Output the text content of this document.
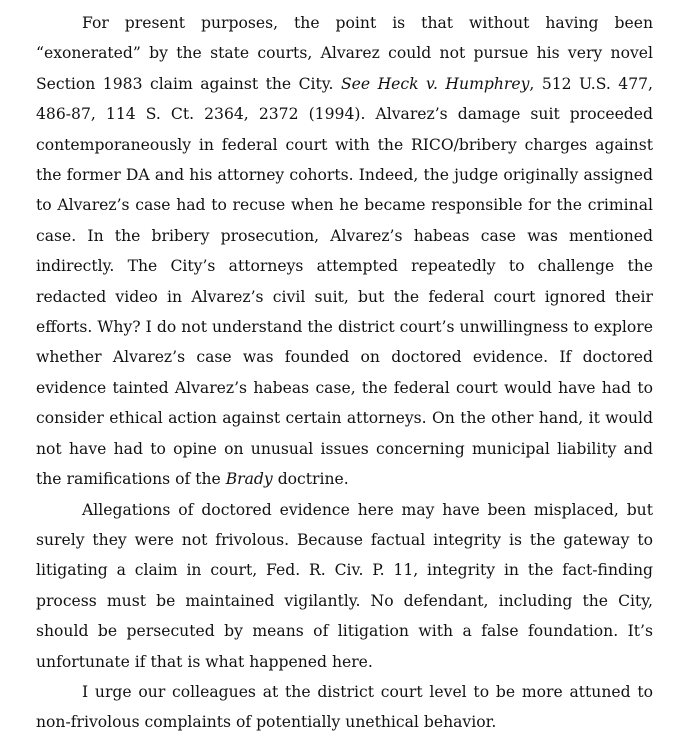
For present purposes, the point is that without having been “exonerated” by the state courts, Alvarez could not pursue his very novel Section 1983 claim against the City. See Heck v. Humphrey, 512 U.S. 477, 486-87, 114 S. Ct. 2364, 2372 (1994). Alvarez’s damage suit proceeded contemporaneously in federal court with the RICO/bribery charges against the former DA and his attorney cohorts. Indeed, the judge originally assigned to Alvarez’s case had to recuse when he became responsible for the criminal case. In the bribery prosecution, Alvarez’s habeas case was mentioned indirectly. The City’s attorneys attempted repeatedly to challenge the redacted video in Alvarez’s civil suit, but the federal court ignored their efforts. Why? I do not understand the district court’s unwillingness to explore whether Alvarez’s case was founded on doctored evidence. If doctored evidence tainted Alvarez’s habeas case, the federal court would have had to consider ethical action against certain attorneys. On the other hand, it would not have had to opine on unusual issues concerning municipal liability and the ramifications of the Brady doctrine.

Allegations of doctored evidence here may have been misplaced, but surely they were not frivolous. Because factual integrity is the gateway to litigating a claim in court, Fed. R. Civ. P. 11, integrity in the fact-finding process must be maintained vigilantly. No defendant, including the City, should be persecuted by means of litigation with a false foundation. It’s unfortunate if that is what happened here.

I urge our colleagues at the district court level to be more attuned to non-frivolous complaints of potentially unethical behavior.
